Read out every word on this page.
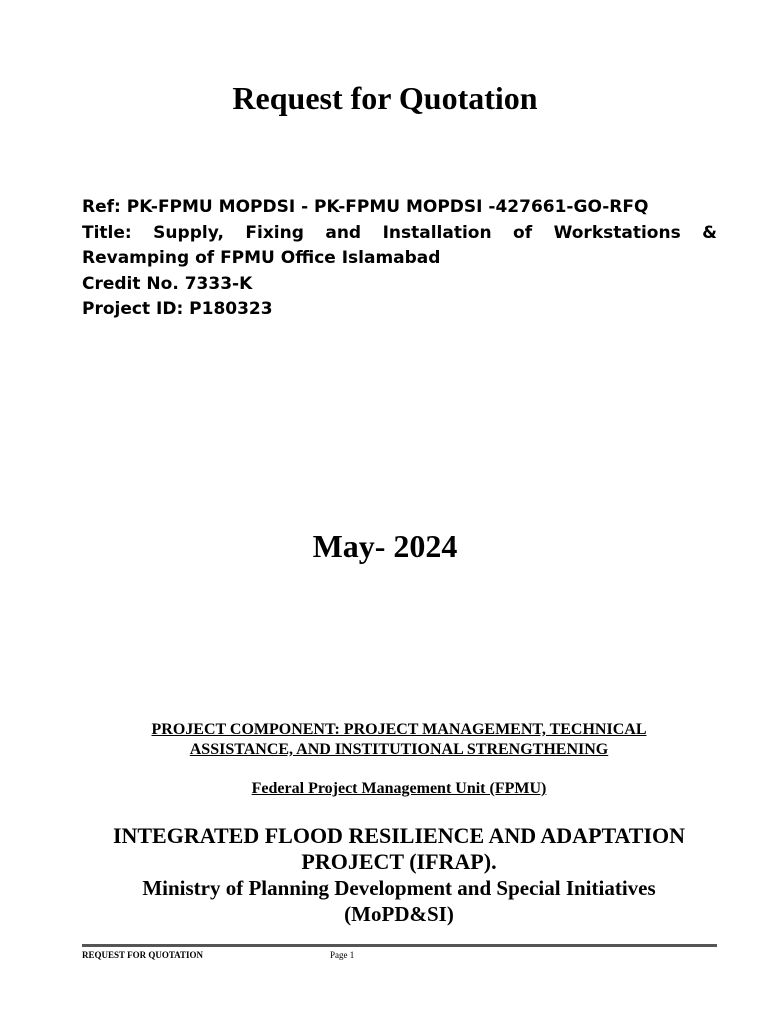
Request for Quotation
Ref: PK-FPMU MOPDSI - PK-FPMU MOPDSI -427661-GO-RFQ
Title: Supply, Fixing and Installation of Workstations &
Revamping of FPMU Office Islamabad
Credit No. 7333-K
Project ID: P180323
May- 2024
PROJECT COMPONENT: PROJECT MANAGEMENT, TECHNICAL
ASSISTANCE, AND INSTITUTIONAL STRENGTHENING
Federal Project Management Unit (FPMU)
INTEGRATED FLOOD RESILIENCE AND ADAPTATION
PROJECT (IFRAP).
Ministry of Planning Development and Special Initiatives
(MoPD&SI)
REQUEST FOR QUOTATION	Page 1
